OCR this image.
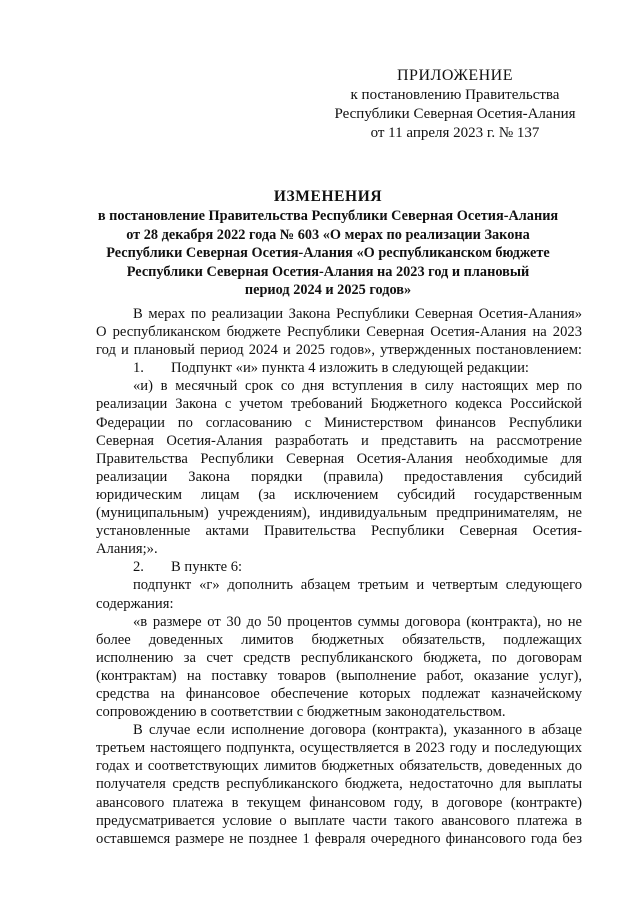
ПРИЛОЖЕНИЕ
к постановлению Правительства
Республики Северная Осетия-Алания
от 11 апреля 2023 г. № 137
ИЗМЕНЕНИЯ
в постановление Правительства Республики Северная Осетия-Алания
от 28 декабря 2022 года № 603 «О мерах по реализации Закона
Республики Северная Осетия-Алания «О республиканском бюджете
Республики Северная Осетия-Алания на 2023 год и плановый
период 2024 и 2025 годов»
В мерах по реализации Закона Республики Северная Осетия-Алания»
О республиканском бюджете Республики Северная Осетия-Алания на 2023
год и плановый период 2024 и 2025 годов», утвержденных постановлением:
1. Подпункт «и» пункта 4 изложить в следующей редакции:
«и) в месячный срок со дня вступления в силу настоящих мер по
реализации Закона с учетом требований Бюджетного кодекса Российской
Федерации по согласованию с Министерством финансов Республики
Северная Осетия-Алания разработать и представить на рассмотрение
Правительства Республики Северная Осетия-Алания необходимые для
реализации Закона порядки (правила) предоставления субсидий
юридическим лицам (за исключением субсидий государственным
(муниципальным) учреждениям), индивидуальным предпринимателям, не
установленные актами Правительства Республики Северная Осетия-
Алания;».
2. В пункте 6:
подпункт «г» дополнить абзацем третьим и четвертым следующего
содержания:
«в размере от 30 до 50 процентов суммы договора (контракта), но не
более доведенных лимитов бюджетных обязательств, подлежащих
исполнению за счет средств республиканского бюджета, по договорам
(контрактам) на поставку товаров (выполнение работ, оказание услуг),
средства на финансовое обеспечение которых подлежат казначейскому
сопровождению в соответствии с бюджетным законодательством.
В случае если исполнение договора (контракта), указанного в абзаце
третьем настоящего подпункта, осуществляется в 2023 году и последующих
годах и соответствующих лимитов бюджетных обязательств, доведенных до
получателя средств республиканского бюджета, недостаточно для выплаты
авансового платежа в текущем финансовом году, в договоре (контракте)
предусматривается условие о выплате части такого авансового платежа в
оставшемся размере не позднее 1 февраля очередного финансового года без
